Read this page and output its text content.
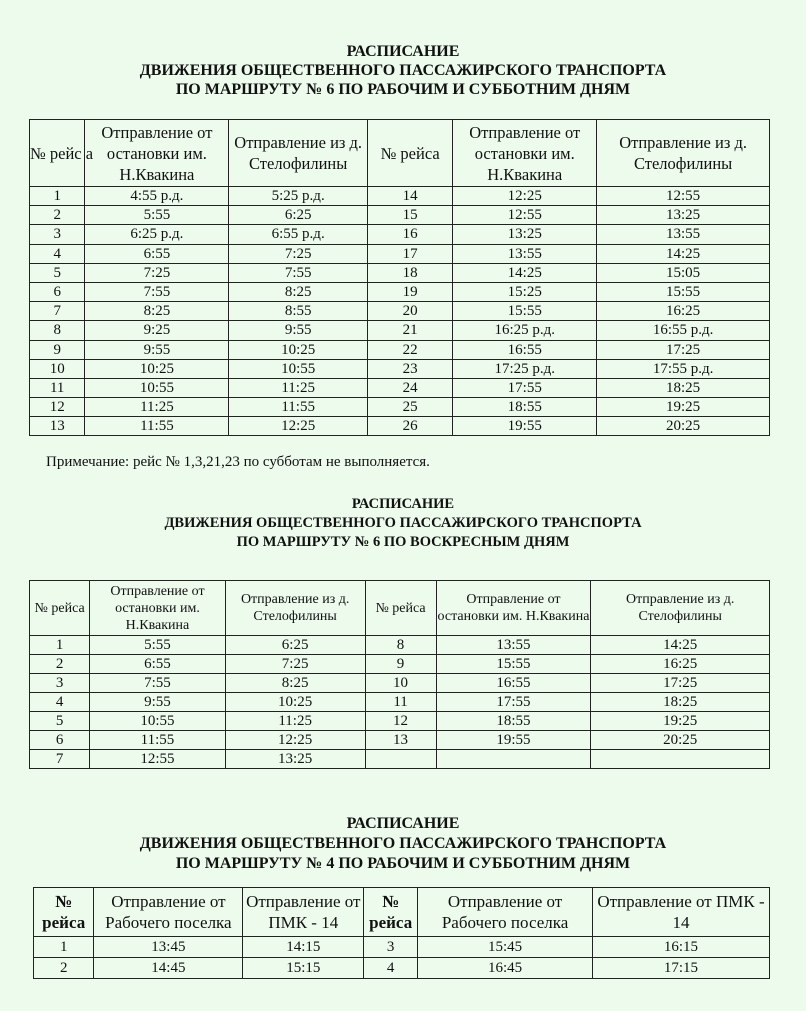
РАСПИСАНИЕ
ДВИЖЕНИЯ ОБЩЕСТВЕННОГО ПАССАЖИРСКОГО ТРАНСПОРТА
ПО МАРШРУТУ № 6 ПО РАБОЧИМ И СУББОТНИМ ДНЯМ
№ рейс а	Отправление от остановки им. Н.Квакина	Отправление из д. Стелофилины	№ рейса	Отправление от остановки им. Н.Квакина	Отправление из д. Стелофилины
1	4:55 р.д.	5:25 р.д.	14	12:25	12:55
2	5:55	6:25	15	12:55	13:25
3	6:25 р.д.	6:55 р.д.	16	13:25	13:55
4	6:55	7:25	17	13:55	14:25
5	7:25	7:55	18	14:25	15:05
6	7:55	8:25	19	15:25	15:55
7	8:25	8:55	20	15:55	16:25
8	9:25	9:55	21	16:25 р.д.	16:55 р.д.
9	9:55	10:25	22	16:55	17:25
10	10:25	10:55	23	17:25 р.д.	17:55 р.д.
11	10:55	11:25	24	17:55	18:25
12	11:25	11:55	25	18:55	19:25
13	11:55	12:25	26	19:55	20:25
Примечание: рейс № 1,3,21,23 по субботам не выполняется.
РАСПИСАНИЕ
ДВИЖЕНИЯ ОБЩЕСТВЕННОГО ПАССАЖИРСКОГО ТРАНСПОРТА
ПО МАРШРУТУ № 6 ПО ВОСКРЕСНЫМ ДНЯМ
№ рейса	Отправление от остановки им. Н.Квакина	Отправление из д. Стелофилины	№ рейса	Отправление от остановки им. Н.Квакина	Отправление из д. Стелофилины
1	5:55	6:25	8	13:55	14:25
2	6:55	7:25	9	15:55	16:25
3	7:55	8:25	10	16:55	17:25
4	9:55	10:25	11	17:55	18:25
5	10:55	11:25	12	18:55	19:25
6	11:55	12:25	13	19:55	20:25
7	12:55	13:25			
РАСПИСАНИЕ
ДВИЖЕНИЯ ОБЩЕСТВЕННОГО ПАССАЖИРСКОГО ТРАНСПОРТА
ПО МАРШРУТУ № 4 ПО РАБОЧИМ И СУББОТНИМ ДНЯМ
№ рейса	Отправление от Рабочего поселка	Отправление от ПМК - 14	№ рейса	Отправление от Рабочего поселка	Отправление от ПМК - 14
1	13:45	14:15	3	15:45	16:15
2	14:45	15:15	4	16:45	17:15
